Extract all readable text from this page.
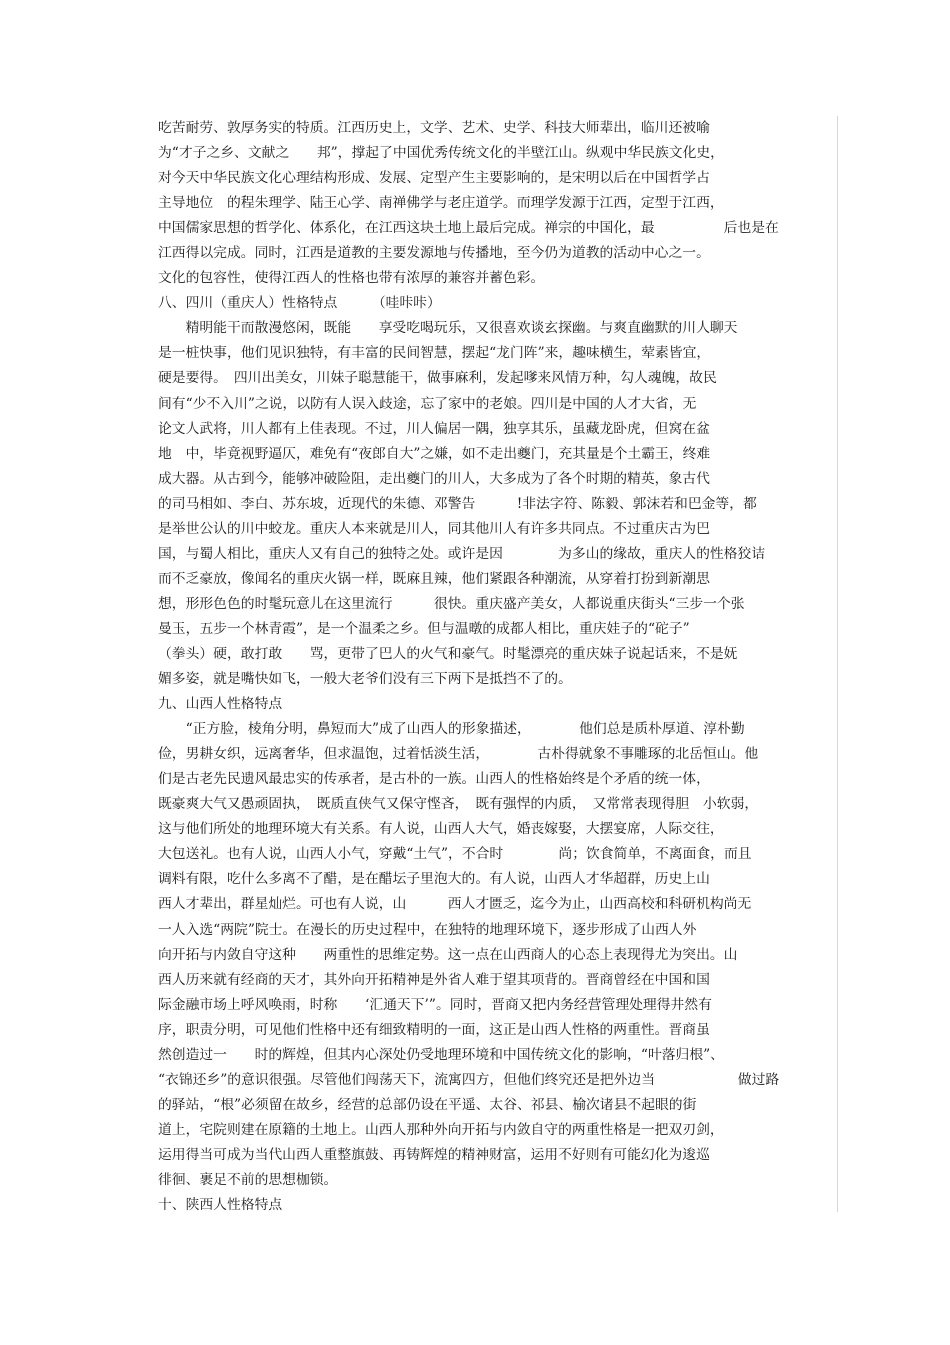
吃苦耐劳、敦厚务实的特质。江西历史上，文学、艺术、史学、科技大师辈出，临川还被喻
为“才子之乡、文献之　　邦”，撑起了中国优秀传统文化的半壁江山。纵观中华民族文化史，
对今天中华民族文化心理结构形成、发展、定型产生主要影响的，是宋明以后在中国哲学占
主导地位　的程朱理学、陆王心学、南禅佛学与老庄道学。而理学发源于江西，定型于江西，
中国儒家思想的哲学化、体系化，在江西这块土地上最后完成。禅宗的中国化，最　　　　　后也是在
江西得以完成。同时，江西是道教的主要发源地与传播地，至今仍为道教的活动中心之一。
文化的包容性，使得江西人的性格也带有浓厚的兼容并蓄色彩。
八、四川（重庆人）性格特点　　　（哇咔咔）
　　精明能干而散漫悠闲，既能　　享受吃喝玩乐，又很喜欢谈玄探幽。与爽直幽默的川人聊天
是一桩快事，他们见识独特，有丰富的民间智慧，摆起“龙门阵”来，趣味横生，荤素皆宜，
硬是要得。　四川出美女，川妹子聪慧能干，做事麻利，发起嗲来风情万种，勾人魂魄，故民
间有“少不入川”之说，以防有人误入歧途，忘了家中的老娘。四川是中国的人才大省，无
论文人武将，川人都有上佳表现。不过，川人偏居一隅，独享其乐，虽藏龙卧虎，但窝在盆
地　中，毕竟视野逼仄，难免有“夜郎自大”之嫌，如不走出夔门，充其量是个土霸王，终难
成大器。从古到今，能够冲破险阻，走出夔门的川人，大多成为了各个时期的精英，象古代
的司马相如、李白、苏东坡，近现代的朱德、邓警告　　　!非法字符、陈毅、郭沫若和巴金等，都
是举世公认的川中蛟龙。重庆人本来就是川人，同其他川人有许多共同点。不过重庆古为巴
国，与蜀人相比，重庆人又有自己的独特之处。或许是因　　　　为多山的缘故，重庆人的性格狡诘
而不乏豪放，像闻名的重庆火锅一样，既麻且辣，他们紧跟各种潮流，从穿着打扮到新潮思
想，形形色色的时髦玩意儿在这里流行　　　很快。重庆盛产美女，人都说重庆街头“三步一个张
曼玉，五步一个林青霞”，是一个温柔之乡。但与温暾的成都人相比，重庆娃子的“砣子”
（拳头）硬，敢打敢　　骂，更带了巴人的火气和豪气。时髦漂亮的重庆妹子说起话来，不是妩
媚多姿，就是嘴快如飞，一般大老爷们没有三下两下是抵挡不了的。
九、山西人性格特点
　　“正方脸，棱角分明，鼻短而大”成了山西人的形象描述，　　　　他们总是质朴厚道、淳朴勤
俭，男耕女织，远离奢华，但求温饱，过着恬淡生活，　　　　古朴得就象不事雕琢的北岳恒山。他
们是古老先民遗风最忠实的传承者，是古朴的一族。山西人的性格始终是个矛盾的统一体，
既豪爽大气又愚顽固执，　既质直侠气又保守悭吝，　既有强悍的内质，　又常常表现得胆　小软弱，
这与他们所处的地理环境大有关系。有人说，山西人大气，婚丧嫁娶，大摆宴席，人际交往，
大包送礼。也有人说，山西人小气，穿戴“土气”，不合时　　　　尚；饮食简单，不离面食，而且
调料有限，吃什么多离不了醋，是在醋坛子里泡大的。有人说，山西人才华超群，历史上山
西人才辈出，群星灿烂。可也有人说，山　　　西人才匮乏，迄今为止，山西高校和科研机构尚无
一人入选“两院”院士。在漫长的历史过程中，在独特的地理环境下，逐步形成了山西人外
向开拓与内敛自守这种　　两重性的思维定势。这一点在山西商人的心态上表现得尤为突出。山
西人历来就有经商的天才，其外向开拓精神是外省人难于望其项背的。晋商曾经在中国和国
际金融市场上呼风唤雨，时称　　‘汇通天下’”。同时，晋商又把内务经营管理处理得井然有
序，职责分明，可见他们性格中还有细致精明的一面，这正是山西人性格的两重性。晋商虽
然创造过一　　时的辉煌，但其内心深处仍受地理环境和中国传统文化的影响，“叶落归根”、
“衣锦还乡”的意识很强。尽管他们闯荡天下，流寓四方，但他们终究还是把外边当　　　　　　做过路
的驿站，“根”必须留在故乡，经营的总部仍设在平遥、太谷、祁县、榆次诸县不起眼的街
道上，宅院则建在原籍的土地上。山西人那种外向开拓与内敛自守的两重性格是一把双刃剑，
运用得当可成为当代山西人重整旗鼓、再铸辉煌的精神财富，运用不好则有可能幻化为逡巡
徘徊、裹足不前的思想枷锁。
十、陕西人性格特点
